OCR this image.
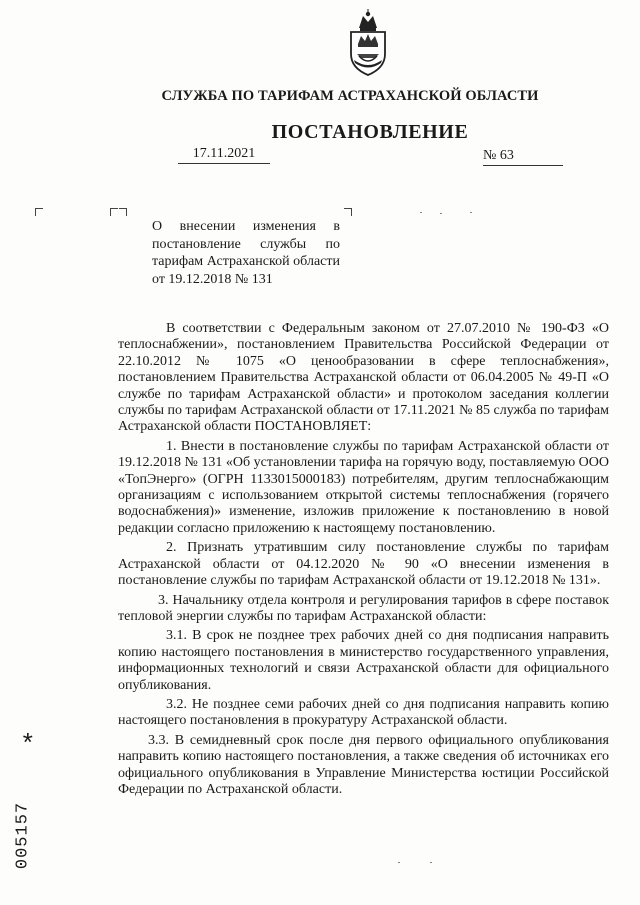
СЛУЖБА ПО ТАРИФАМ АСТРАХАНСКОЙ ОБЛАСТИ
ПОСТАНОВЛЕНИЕ
17.11.2021	№ 63
О внесении изменения в постановление службы по тарифам Астраханской области от 19.12.2018 № 131

В соответствии с Федеральным законом от 27.07.2010 № 190-ФЗ «О теплоснабжении», постановлением Правительства Российской Федерации от 22.10.2012 № 1075 «О ценообразовании в сфере теплоснабжения», постановлением Правительства Астраханской области от 06.04.2005 № 49-П «О службе по тарифам Астраханской области» и протоколом заседания коллегии службы по тарифам Астраханской области от 17.11.2021 № 85 служба по тарифам Астраханской области ПОСТАНОВЛЯЕТ:

1. Внести в постановление службы по тарифам Астраханской области от 19.12.2018 № 131 «Об установлении тарифа на горячую воду, поставляемую ООО «ТопЭнерго» (ОГРН 1133015000183) потребителям, другим теплоснабжающим организациям с использованием открытой системы теплоснабжения (горячего водоснабжения)» изменение, изложив приложение к постановлению в новой редакции согласно приложению к настоящему постановлению.

2. Признать утратившим силу постановление службы по тарифам Астраханской области от 04.12.2020 № 90 «О внесении изменения в постановление службы по тарифам Астраханской области от 19.12.2018 № 131».

3. Начальнику отдела контроля и регулирования тарифов в сфере поставок тепловой энергии службы по тарифам Астраханской области:

3.1. В срок не позднее трех рабочих дней со дня подписания направить копию настоящего постановления в министерство государственного управления, информационных технологий и связи Астраханской области для официального опубликования.

3.2. Не позднее семи рабочих дней со дня подписания направить копию настоящего постановления в прокуратуру Астраханской области.

3.3. В семидневный срок после дня первого официального опубликования направить копию настоящего постановления, а также сведения об источниках его официального опубликования в Управление Министерства юстиции Российской Федерации по Астраханской области.

*
005157
